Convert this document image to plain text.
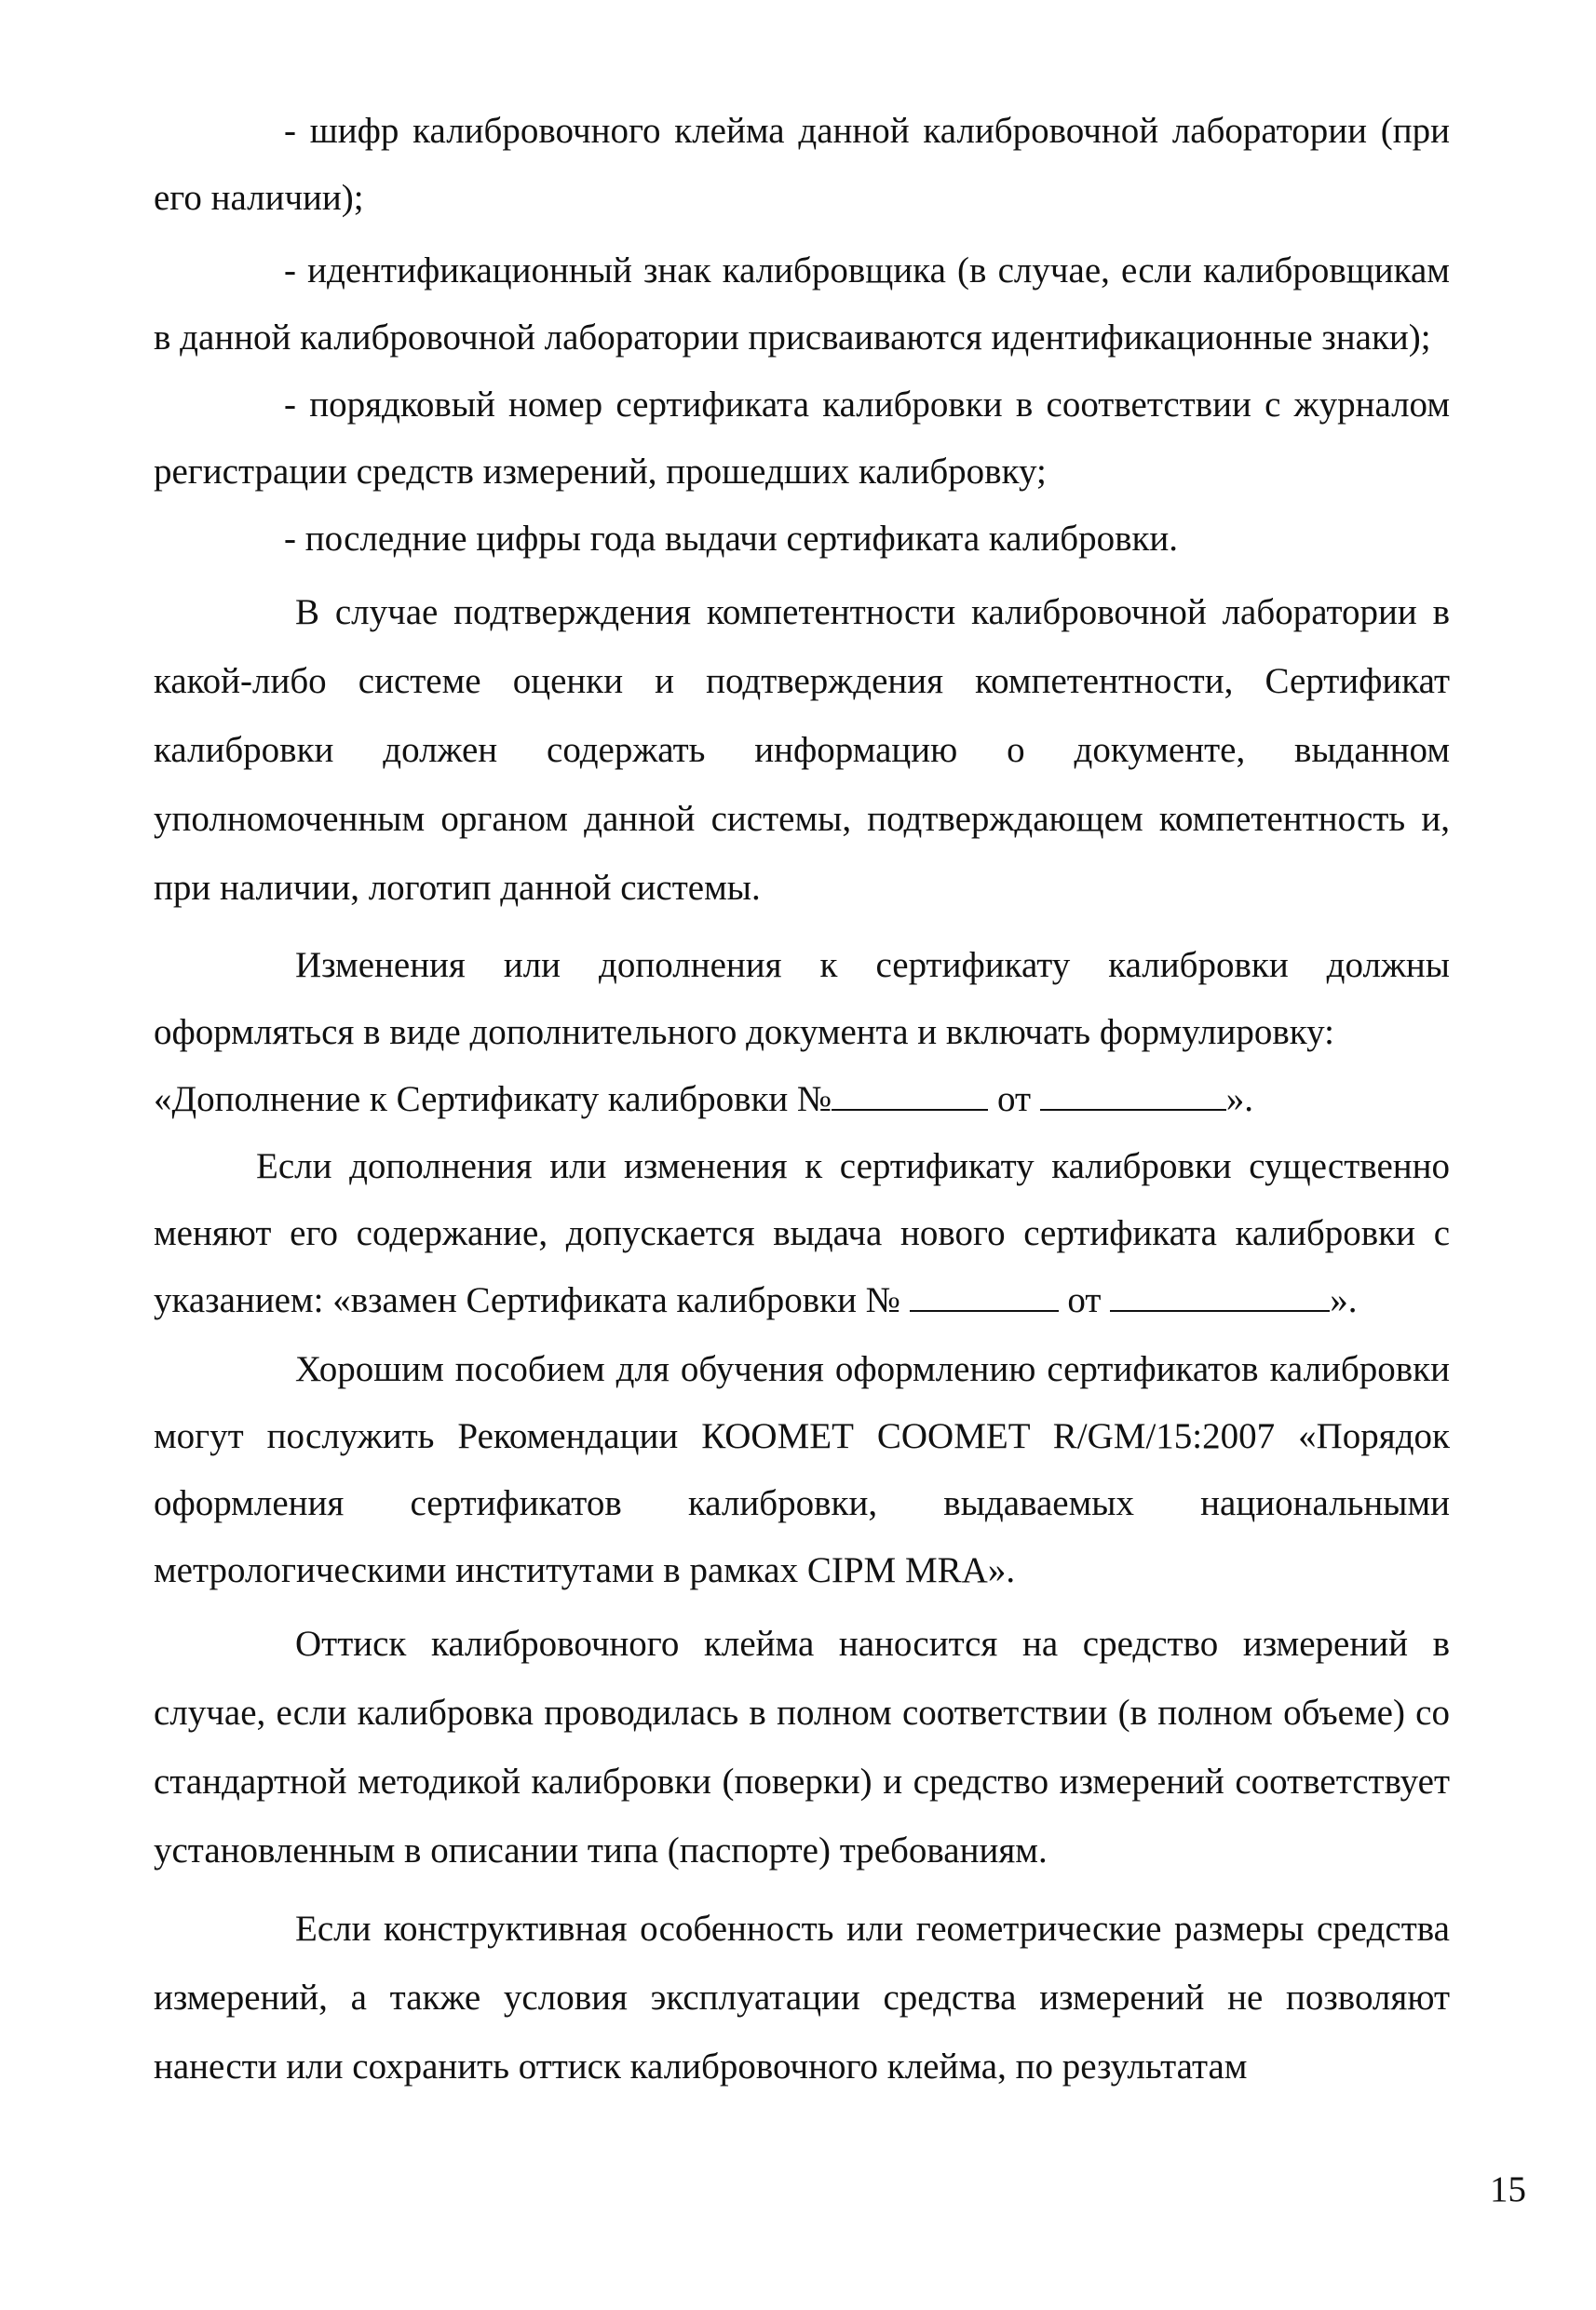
- шифр калибровочного клейма данной калибровочной лаборатории (при его наличии);

- идентификационный знак калибровщика (в случае, если калибровщикам в данной калибровочной лаборатории присваиваются идентификационные знаки);

- порядковый номер сертификата калибровки в соответствии с журналом регистрации средств измерений, прошедших калибровку;

- последние цифры года выдачи сертификата калибровки.

В случае подтверждения компетентности калибровочной лаборатории в какой-либо системе оценки и подтверждения компетентности, Сертификат калибровки должен содержать информацию о документе, выданном уполномоченным органом данной системы, подтверждающем компетентность и, при наличии, логотип данной системы.

Изменения или дополнения к сертификату калибровки должны оформляться в виде дополнительного документа и включать формулировку:

«Дополнение к Сертификату калибровки №	от	».

Если дополнения или изменения к сертификату калибровки существенно меняют его содержание, допускается выдача нового сертификата калибровки с указанием: «взамен Сертификата калибровки №	от	».

Хорошим пособием для обучения оформлению сертификатов калибровки могут послужить Рекомендации КООМЕТ COOMET R/GM/15:2007 «Порядок оформления сертификатов калибровки, выдаваемых национальными метрологическими институтами в рамках CIPM MRA».

Оттиск калибровочного клейма наносится на средство измерений в случае, если калибровка проводилась в полном соответствии (в полном объеме) со стандартной методикой калибровки (поверки) и средство измерений соответствует установленным в описании типа (паспорте) требованиям.

Если конструктивная особенность или геометрические размеры средства измерений, а также условия эксплуатации средства измерений не позволяют нанести или сохранить оттиск калибровочного клейма, по результатам

15
